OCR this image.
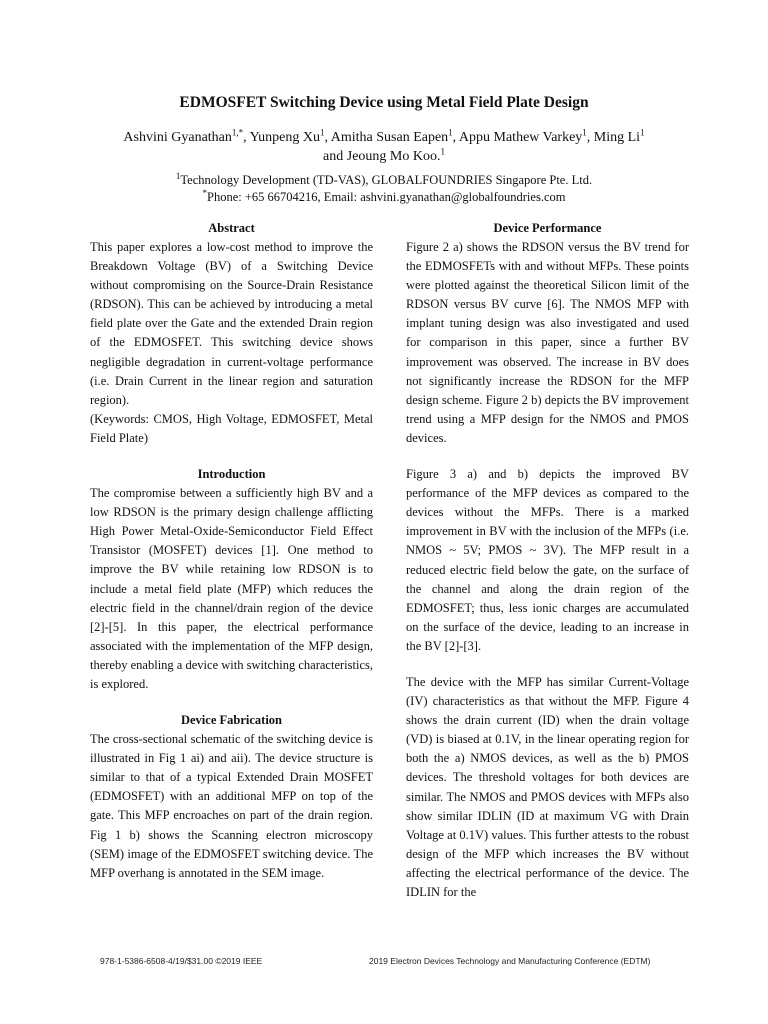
EDMOSFET Switching Device using Metal Field Plate Design
Ashvini Gyanathan$^{1,*}$, Yunpeng Xu$^1$, Amitha Susan Eapen$^1$, Appu Mathew Varkey$^1$, Ming Li$^1$
and Jeoung Mo Koo.$^1$
$^1$Technology Development (TD-VAS), GLOBALFOUNDRIES Singapore Pte. Ltd.
*Phone: +65 66704216, Email: ashvini.gyanathan@globalfoundries.com
Abstract

This paper explores a low-cost method to improve the Breakdown Voltage (BV) of a Switching Device without compromising on the Source-Drain Resistance (RDSON). This can be achieved by introducing a metal field plate over the Gate and the extended Drain region of the EDMOSFET. This switching device shows negligible degradation in current-voltage performance (i.e. Drain Current in the linear region and saturation region).

(Keywords: CMOS, High Voltage, EDMOSFET, Metal Field Plate)

Introduction

The compromise between a sufficiently high BV and a low RDSON is the primary design challenge afflicting High Power Metal-Oxide-Semiconductor Field Effect Transistor (MOSFET) devices [1]. One method to improve the BV while retaining low RDSON is to include a metal field plate (MFP) which reduces the electric field in the channel/drain region of the device [2]-[5]. In this paper, the electrical performance associated with the implementation of the MFP design, thereby enabling a device with switching characteristics, is explored.

Device Fabrication

The cross-sectional schematic of the switching device is illustrated in Fig 1 ai) and aii). The device structure is similar to that of a typical Extended Drain MOSFET (EDMOSFET) with an additional MFP on top of the gate. This MFP encroaches on part of the drain region. Fig 1 b) shows the Scanning electron microscopy (SEM) image of the EDMOSFET switching device. The MFP overhang is annotated in the SEM image.

Device Performance

Figure 2 a) shows the RDSON versus the BV trend for the EDMOSFETs with and without MFPs. These points were plotted against the theoretical Silicon limit of the RDSON versus BV curve [6]. The NMOS MFP with implant tuning design was also investigated and used for comparison in this paper, since a further BV improvement was observed. The increase in BV does not significantly increase the RDSON for the MFP design scheme. Figure 2 b) depicts the BV improvement trend using a MFP design for the NMOS and PMOS devices.

Figure 3 a) and b) depicts the improved BV performance of the MFP devices as compared to the devices without the MFPs. There is a marked improvement in BV with the inclusion of the MFPs (i.e. NMOS ~ 5V; PMOS ~ 3V). The MFP result in a reduced electric field below the gate, on the surface of the channel and along the drain region of the EDMOSFET; thus, less ionic charges are accumulated on the surface of the device, leading to an increase in the BV [2]-[3].

The device with the MFP has similar Current-Voltage (IV) characteristics as that without the MFP. Figure 4 shows the drain current (ID) when the drain voltage (VD) is biased at 0.1V, in the linear operating region for both the a) NMOS devices, as well as the b) PMOS devices. The threshold voltages for both devices are similar. The NMOS and PMOS devices with MFPs also show similar IDLIN (ID at maximum VG with Drain Voltage at 0.1V) values. This further attests to the robust design of the MFP which increases the BV without affecting the electrical performance of the device. The IDLIN for the

978-1-5386-6508-4/19/$31.00 ©2019 IEEE	2019 Electron Devices Technology and Manufacturing Conference (EDTM)
